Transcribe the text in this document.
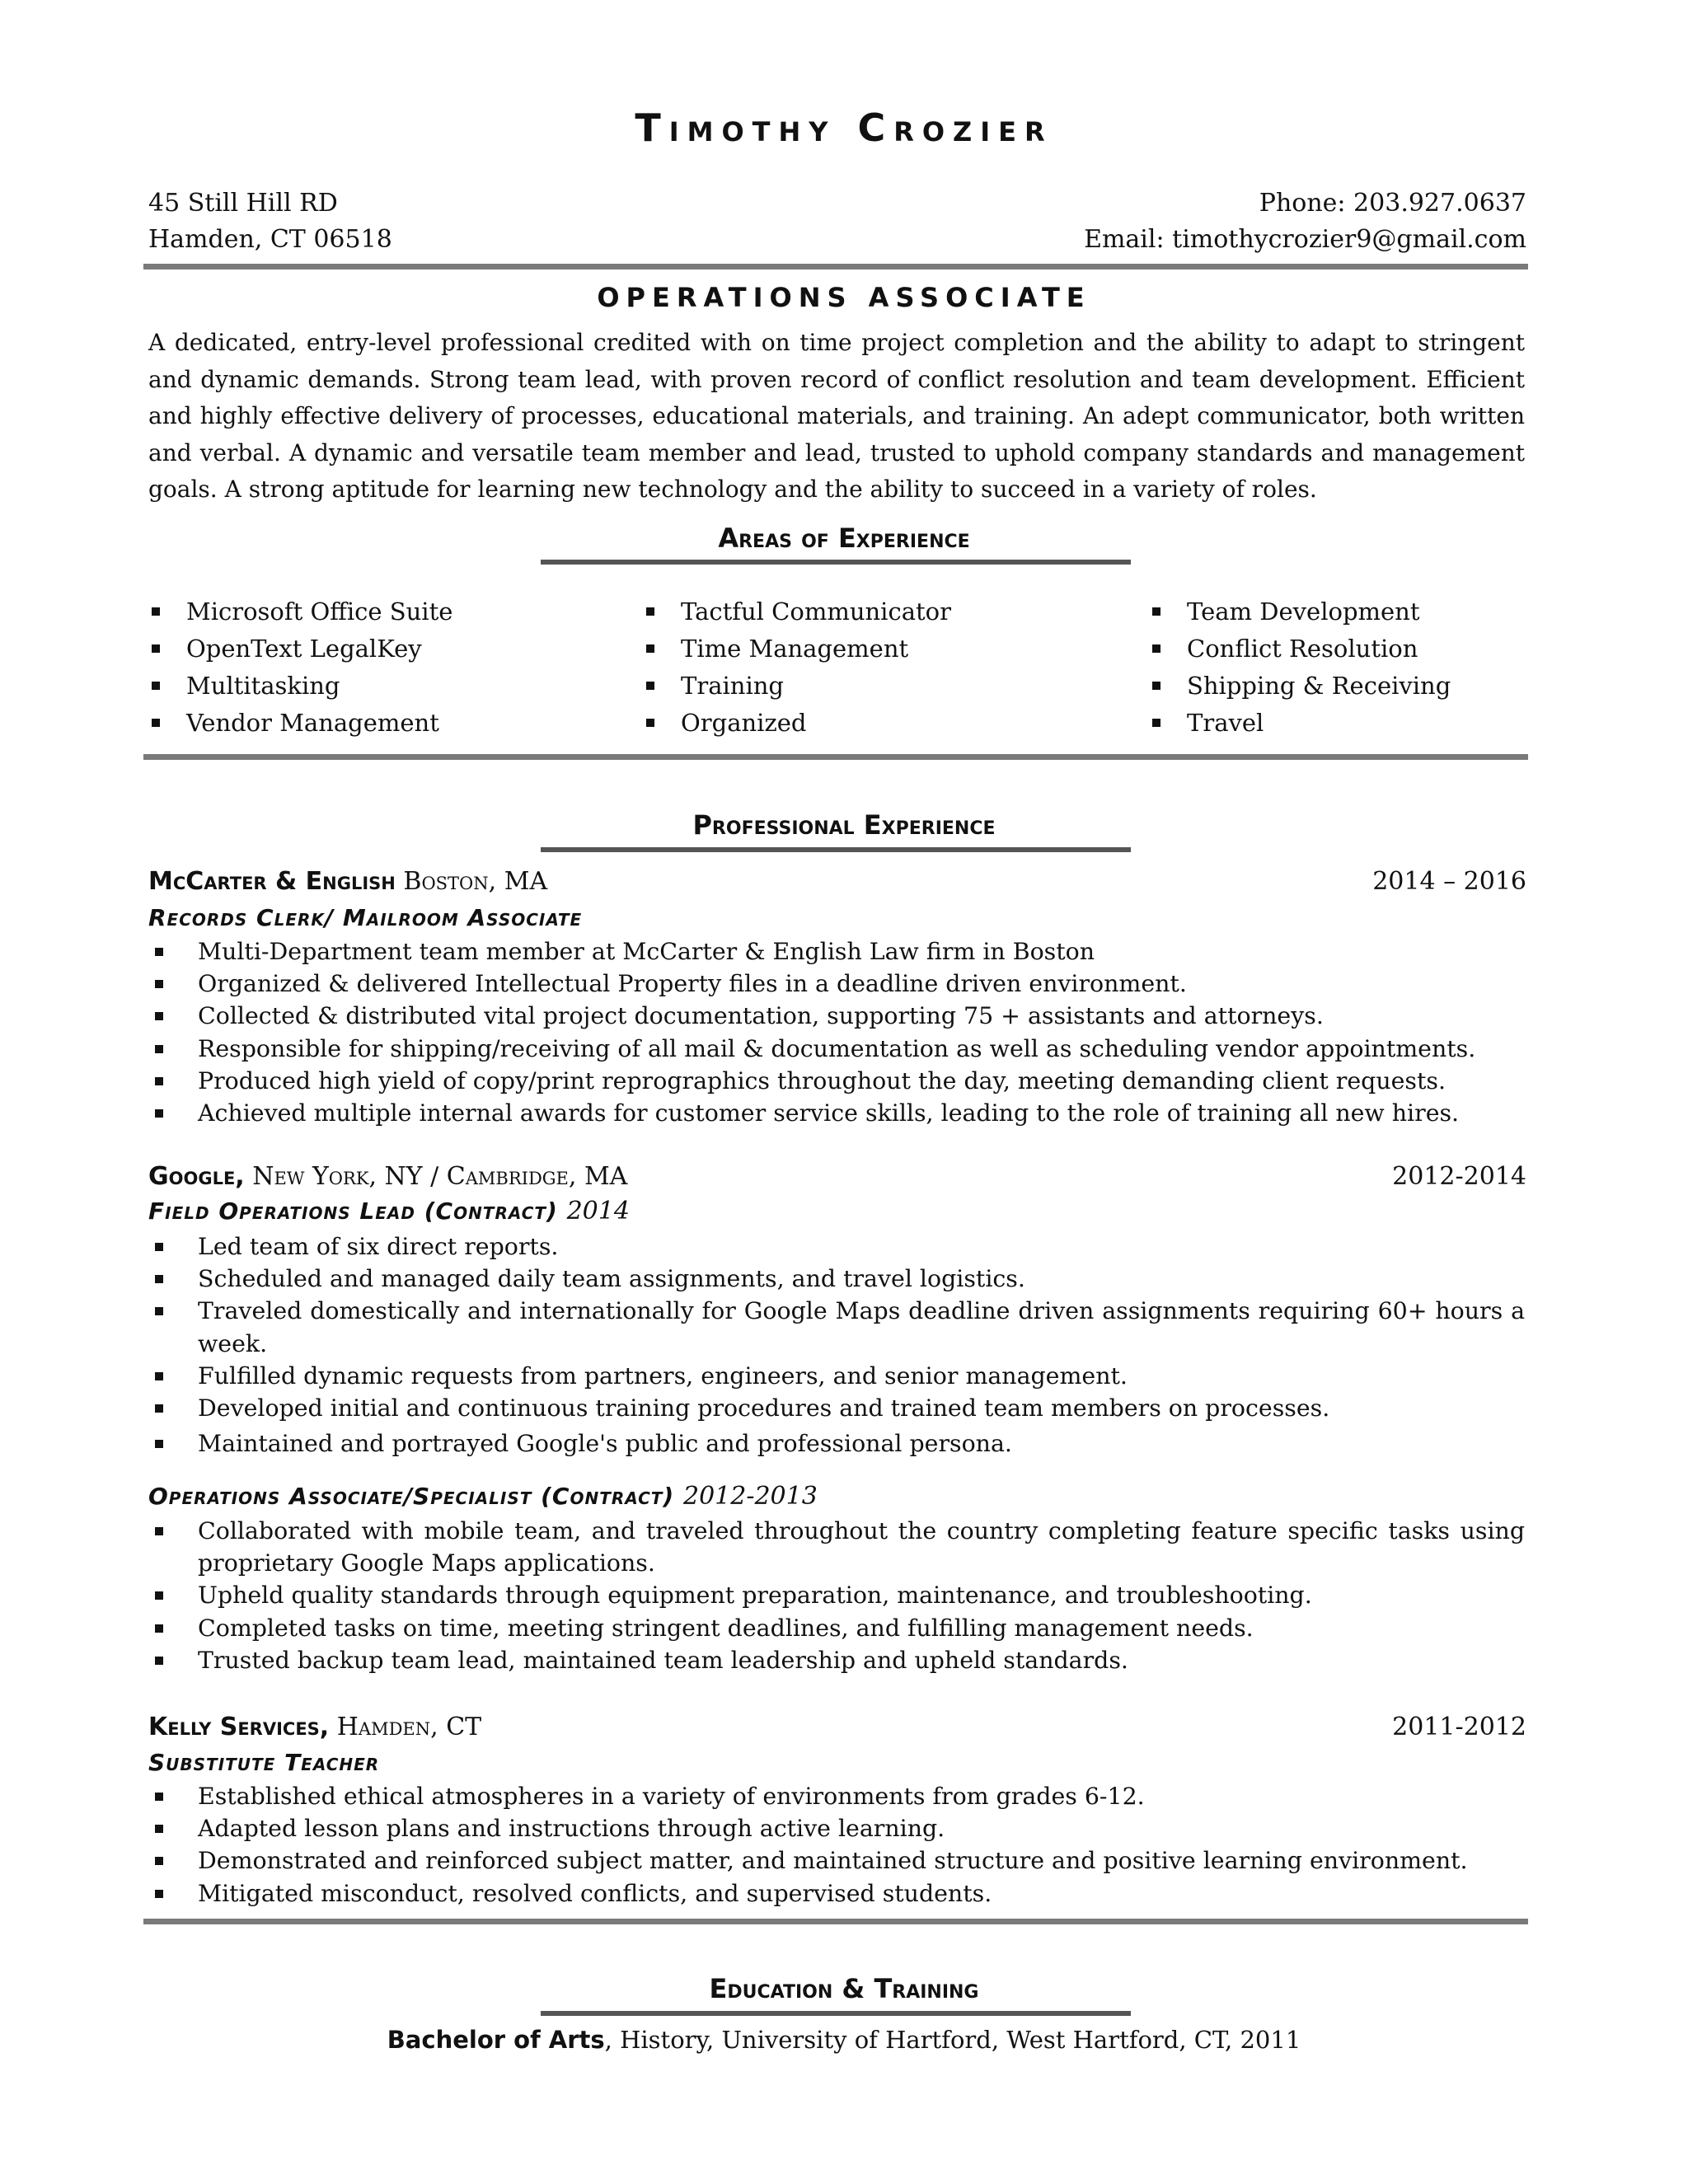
Timothy Crozier
45 Still Hill RD
Hamden, CT 06518
Phone: 203.927.0637
Email: timothycrozier9@gmail.com
OPERATIONS ASSOCIATE
A dedicated, entry-level professional credited with on time project completion and the ability to adapt to stringent and dynamic demands. Strong team lead, with proven record of conflict resolution and team development. Efficient and highly effective delivery of processes, educational materials, and training. An adept communicator, both written and verbal. A dynamic and versatile team member and lead, trusted to uphold company standards and management goals. A strong aptitude for learning new technology and the ability to succeed in a variety of roles.
Areas of Experience
Microsoft Office Suite
OpenText LegalKey
Multitasking
Vendor Management
Tactful Communicator
Time Management
Training
Organized
Team Development
Conflict Resolution
Shipping & Receiving
Travel
Professional Experience
McCarter & English Boston, MA	2014 – 2016
Records Clerk/ Mailroom Associate
Multi-Department team member at McCarter & English Law firm in Boston
Organized & delivered Intellectual Property files in a deadline driven environment.
Collected & distributed vital project documentation, supporting 75 + assistants and attorneys.
Responsible for shipping/receiving of all mail & documentation as well as scheduling vendor appointments.
Produced high yield of copy/print reprographics throughout the day, meeting demanding client requests.
Achieved multiple internal awards for customer service skills, leading to the role of training all new hires.
Google, New York, NY / Cambridge, MA	2012-2014
Field Operations Lead (Contract) 2014
Led team of six direct reports.
Scheduled and managed daily team assignments, and travel logistics.
Traveled domestically and internationally for Google Maps deadline driven assignments requiring 60+ hours a week.
Fulfilled dynamic requests from partners, engineers, and senior management.
Developed initial and continuous training procedures and trained team members on processes.
Maintained and portrayed Google's public and professional persona.
Operations Associate/Specialist (Contract) 2012-2013
Collaborated with mobile team, and traveled throughout the country completing feature specific tasks using proprietary Google Maps applications.
Upheld quality standards through equipment preparation, maintenance, and troubleshooting.
Completed tasks on time, meeting stringent deadlines, and fulfilling management needs.
Trusted backup team lead, maintained team leadership and upheld standards.
Kelly Services, Hamden, CT	2011-2012
Substitute Teacher
Established ethical atmospheres in a variety of environments from grades 6-12.
Adapted lesson plans and instructions through active learning.
Demonstrated and reinforced subject matter, and maintained structure and positive learning environment.
Mitigated misconduct, resolved conflicts, and supervised students.
Education & Training
Bachelor of Arts, History, University of Hartford, West Hartford, CT, 2011
